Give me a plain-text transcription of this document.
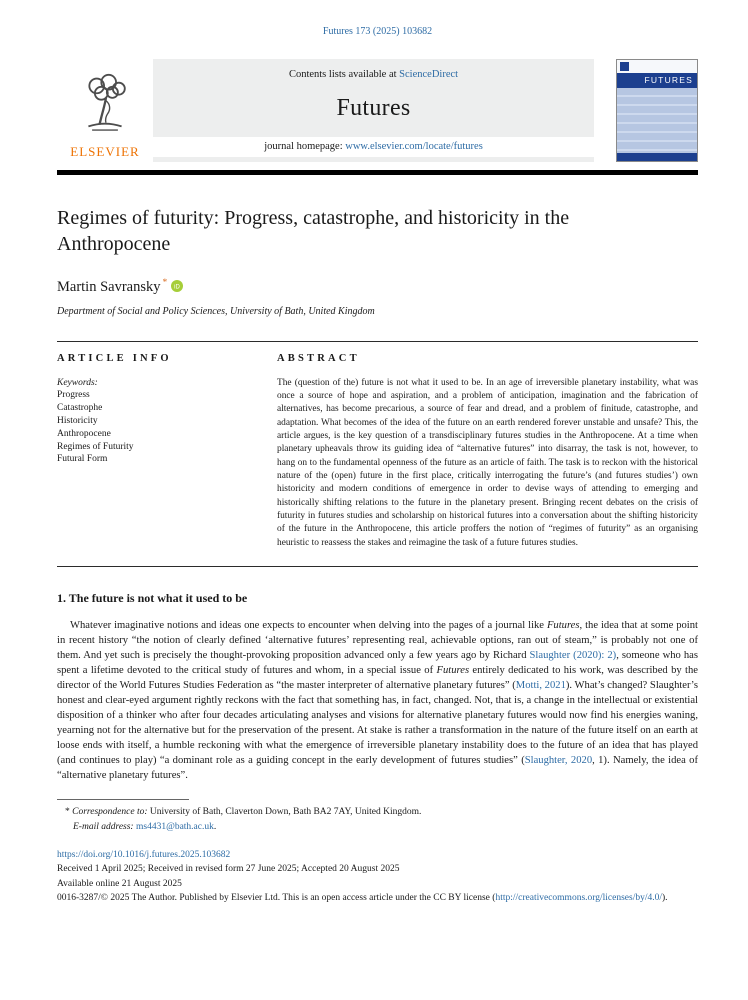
Futures 173 (2025) 103682
ELSEVIER
Contents lists available at ScienceDirect
Futures
journal homepage: www.elsevier.com/locate/futures
FUTURES
Regimes of futurity: Progress, catastrophe, and historicity in the Anthropocene
Martin Savransky * iD
Department of Social and Policy Sciences, University of Bath, United Kingdom
ARTICLE INFO
Keywords:
Progress
Catastrophe
Historicity
Anthropocene
Regimes of Futurity
Futural Form
ABSTRACT

The (question of the) future is not what it used to be. In an age of irreversible planetary instability, what was once a source of hope and aspiration, and a problem of anticipation, imagination and the fabrication of alternatives, has become precarious, a source of fear and dread, and a problem of finitude, catastrophe, and adaptation. What becomes of the idea of the future on an earth rendered forever unstable and unsafe? This, the article argues, is the key question of a transdisciplinary futures studies in the Anthropocene. At a time when planetary upheavals throw its guiding idea of “alternative futures” into disarray, the task is not, however, to hang on to the fundamental openness of the future as an article of faith. The task is to reckon with the historical nature of the (open) future in the first place, critically interrogating the future’s (and futures studies’) own historicity and modern conditions of emergence in order to devise ways of attending to emerging and historically shifting relations to the future in the planetary present. Bringing recent debates on the crisis of futurity in futures studies and scholarship on historical futures into a conversation about the shifting historicity of the future in the Anthropocene, this article proffers the notion of “regimes of futurity” as an organising heuristic to reassess the stakes and reimagine the task of a future futures studies.

1. The future is not what it used to be

Whatever imaginative notions and ideas one expects to encounter when delving into the pages of a journal like Futures, the idea that at some point in recent history “the notion of clearly defined ‘alternative futures’ representing real, achievable options, ran out of steam,” is probably not one of them. And yet such is precisely the thought-provoking proposition advanced only a few years ago by Richard Slaughter (2020): 2), someone who has spent a lifetime devoted to the critical study of futures and whom, in a special issue of Futures entirely dedicated to his work, was described by the director of the World Futures Studies Federation as “the master interpreter of alternative planetary futures” (Motti, 2021). What’s changed? Slaughter’s honest and clear-eyed argument rightly reckons with the fact that something has, in fact, changed. Not, that is, a change in the intellectual or existential disposition of a thinker who after four decades articulating analyses and visions for alternative planetary futures would now find his energies waning, yearning not for the alternative but for the preservation of the present. At stake is rather a transformation in the nature of the future itself on an earth at loose ends with itself, a humble reckoning with what the emergence of irreversible planetary instability does to the future of an idea that has played (and continues to play) “a dominant role as a guiding concept in the early development of futures studies” (Slaughter, 2020, 1). Namely, the idea of “alternative planetary futures”.

* Correspondence to: University of Bath, Claverton Down, Bath BA2 7AY, United Kingdom.

E-mail address: ms4431@bath.ac.uk.

https://doi.org/10.1016/j.futures.2025.103682
Received 1 April 2025; Received in revised form 27 June 2025; Accepted 20 August 2025
Available online 21 August 2025

0016-3287/© 2025 The Author. Published by Elsevier Ltd. This is an open access article under the CC BY license (http://creativecommons.org/licenses/by/4.0/).
